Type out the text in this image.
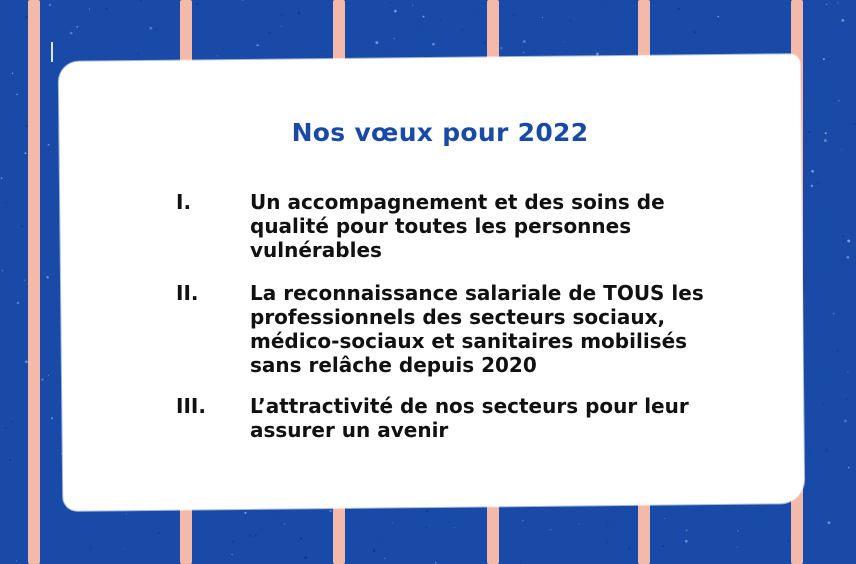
Nos vœux pour 2022
I.	Un accompagnement et des soins de qualité pour toutes les personnes vulnérables
II.	La reconnaissance salariale de TOUS les professionnels des secteurs sociaux, médico-sociaux et sanitaires mobilisés sans relâche depuis 2020
III.	L’attractivité de nos secteurs pour leur assurer un avenir
